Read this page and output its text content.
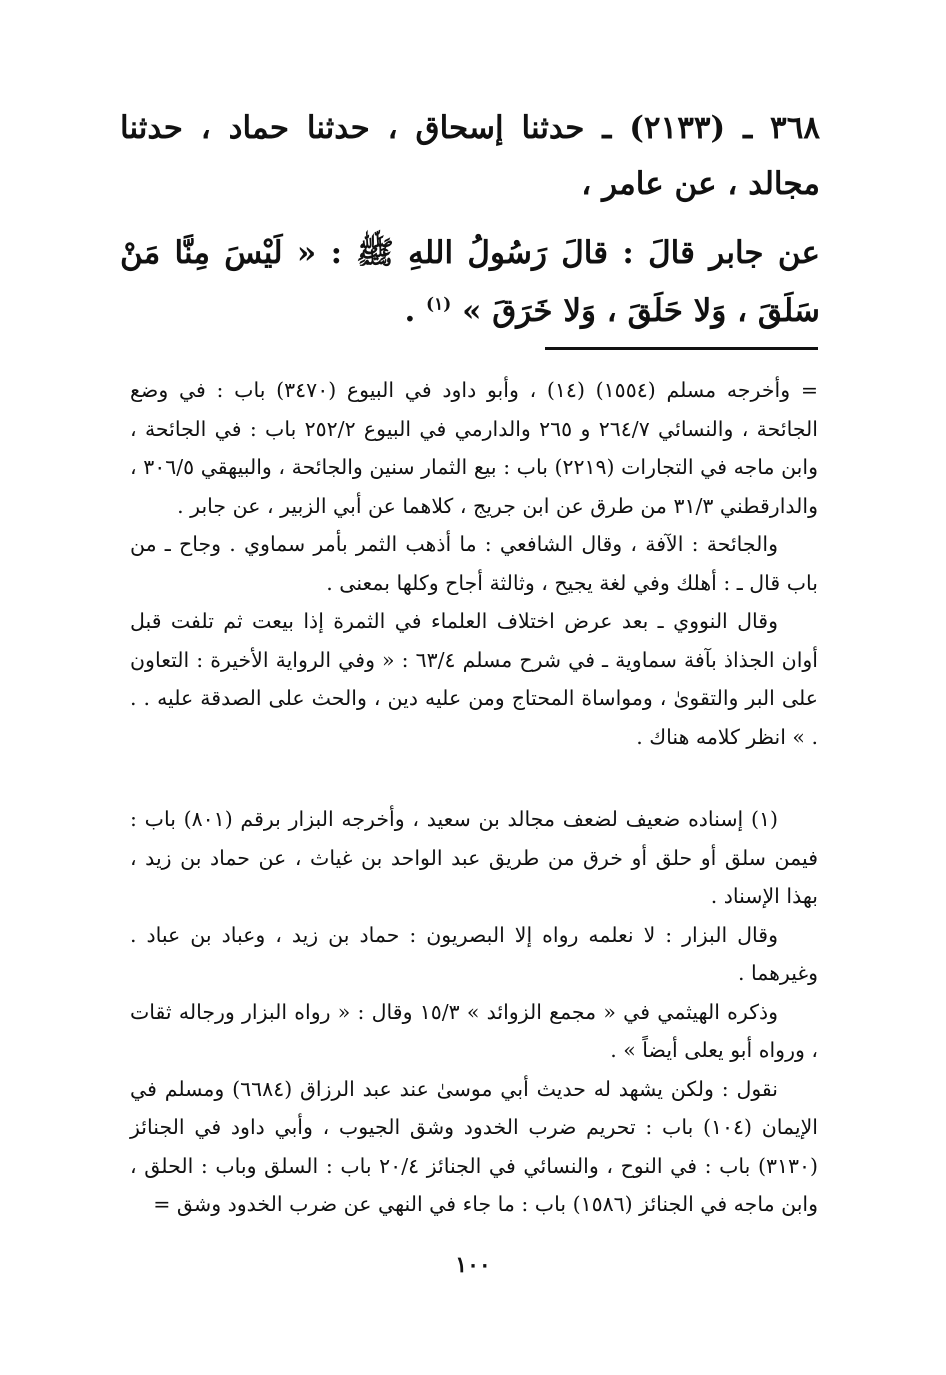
٣٦٨ ـ (٢١٣٣) ـ حدثنا إسحاق ، حدثنا حماد ، حدثنا مجالد ، عن عامر ،
عن جابر قالَ : قالَ رَسُولُ اللهِ ﷺ : « لَيْسَ مِنَّا مَنْ سَلَقَ ، وَلا حَلَقَ ، وَلا خَرَقَ » $^{(١)}$ .

= وأخرجه مسلم (١٥٥٤) (١٤) ، وأبو داود في البيوع (٣٤٧٠) باب : في وضع الجائحة ، والنسائي ٢٦٤/٧ و ٢٦٥ والدارمي في البيوع ٢٥٢/٢ باب : في الجائحة ، وابن ماجه في التجارات (٢٢١٩) باب : بيع الثمار سنين والجائحة ، والبيهقي ٣٠٦/٥ ، والدارقطني ٣١/٣ من طرق عن ابن جريج ، كلاهما عن أبي الزبير ، عن جابر .

والجائحة : الآفة ، وقال الشافعي : ما أذهب الثمر بأمر سماوي . وجاح ـ من باب قال ـ : أهلك وفي لغة يجيح ، وثالثة أجاح وكلها بمعنى .

وقال النووي ـ بعد عرض اختلاف العلماء في الثمرة إذا بيعت ثم تلفت قبل أوان الجذاذ بآفة سماوية ـ في شرح مسلم ٦٣/٤ : « وفي الرواية الأخيرة : التعاون على البر والتقوىٰ ، ومواساة المحتاج ومن عليه دين ، والحث على الصدقة عليه . . . » انظر كلامه هناك .

(١) إسناده ضعيف لضعف مجالد بن سعيد ، وأخرجه البزار برقم (٨٠١) باب : فيمن سلق أو حلق أو خرق من طريق عبد الواحد بن غياث ، عن حماد بن زيد ، بهذا الإسناد .

وقال البزار : لا نعلمه رواه إلا البصريون : حماد بن زيد ، وعباد بن عباد . وغيرهما .

وذكره الهيثمي في « مجمع الزوائد » ١٥/٣ وقال : « رواه البزار ورجاله ثقات ، ورواه أبو يعلى أيضاً » .

نقول : ولكن يشهد له حديث أبي موسىٰ عند عبد الرزاق (٦٦٨٤) ومسلم في الإيمان (١٠٤) باب : تحريم ضرب الخدود وشق الجيوب ، وأبي داود في الجنائز (٣١٣٠) باب : في النوح ، والنسائي في الجنائز ٢٠/٤ باب : السلق وباب : الحلق ، وابن ماجه في الجنائز (١٥٨٦) باب : ما جاء في النهي عن ضرب الخدود وشق =

١٠٠
